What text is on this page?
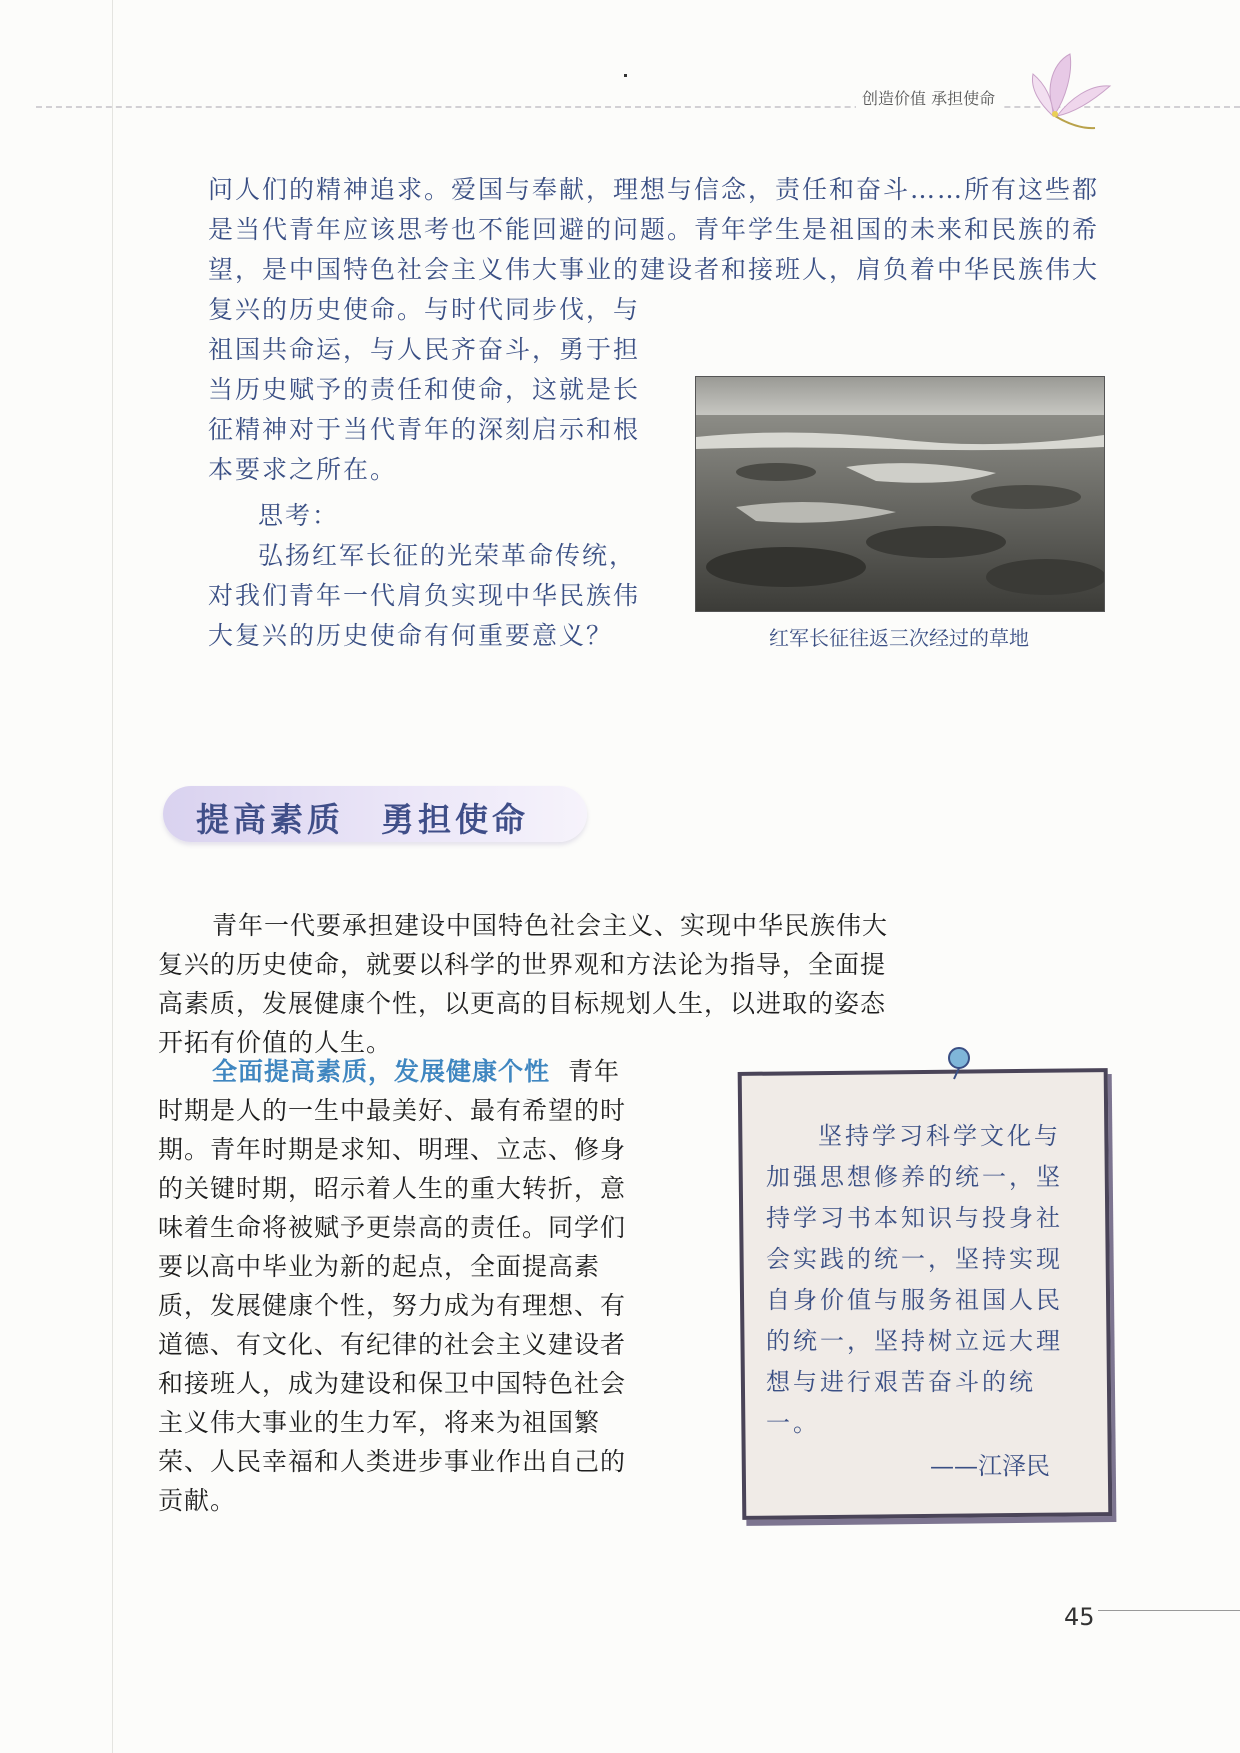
创造价值 承担使命
问人们的精神追求。爱国与奉献，理想与信念，责任和奋斗……所有这些都是当代青年应该思考也不能回避的问题。青年学生是祖国的未来和民族的希望，是中国特色社会主义伟大事业的建设者和接班人，肩负着中华民族伟大
复兴的历史使命。与时代同步伐，与祖国共命运，与人民齐奋斗，勇于担当历史赋予的责任和使命，这就是长征精神对于当代青年的深刻启示和根本要求之所在。
思考：
弘扬红军长征的光荣革命传统，对我们青年一代肩负实现中华民族伟大复兴的历史使命有何重要意义？	红军长征往返三次经过的草地
提高素质　勇担使命
青年一代要承担建设中国特色社会主义、实现中华民族伟大复兴的历史使命，就要以科学的世界观和方法论为指导，全面提高素质，发展健康个性，以更高的目标规划人生，以进取的姿态开拓有价值的人生。
全面提高素质，发展健康个性 青年时期是人的一生中最美好、最有希望的时期。青年时期是求知、明理、立志、修身的关键时期，昭示着人生的重大转折，意味着生命将被赋予更崇高的责任。同学们要以高中毕业为新的起点，全面提高素质，发展健康个性，努力成为有理想、有道德、有文化、有纪律的社会主义建设者和接班人，成为建设和保卫中国特色社会主义伟大事业的生力军，将来为祖国繁荣、人民幸福和人类进步事业作出自己的贡献。
坚持学习科学文化与加强思想修养的统一，坚持学习书本知识与投身社会实践的统一，坚持实现自身价值与服务祖国人民的统一，坚持树立远大理想与进行艰苦奋斗的统一。
——江泽民
45
